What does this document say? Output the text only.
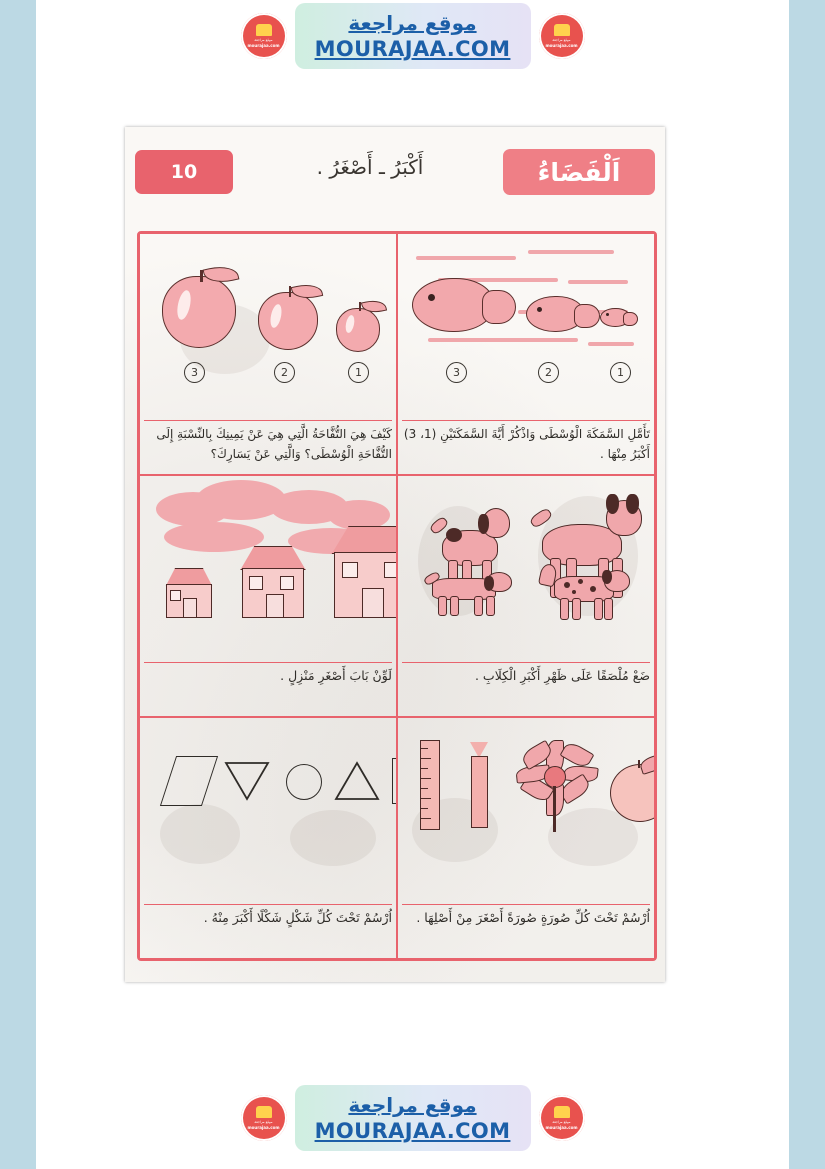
موقع مراجعة
mourajaa.com
موقع مراجعة
MOURAJAA.COM	موقع مراجعة
mourajaa.com
اَلْفَضَاءُ
أَكْبَرُ ـ أَصْغَرُ .
10
3	2	1
تَأَمَّلِ السَّمَكَةَ الْوُسْطَى وَاذْكُرْ أَيَّةَ السَّمَكَتَيْنِ (1، 3) أَكْبَرُ مِنْهَا .
3	2	1
كَيْفَ هِيَ التُّفَّاحَةُ الَّتِي هِيَ عَنْ يَمِينِكَ بِالنِّسْبَةِ إِلَى التُّفَّاحَةِ الْوُسْطَى؟ وَالَّتِي عَنْ يَسَارِكَ؟
ضَعْ مُلْصَقًا عَلَى ظَهْرِ أَكْبَرِ الْكِلَابِ .
لَوِّنْ بَابَ أَصْغَرِ مَنْزِلٍ .
اُرْسُمْ تَحْتَ كُلِّ صُورَةٍ صُورَةً أَصْغَرَ مِنْ أَصْلِهَا .
اُرْسُمْ تَحْتَ كُلِّ شَكْلٍ شَكْلًا أَكْبَرَ مِنْهُ .
موقع مراجعة
mourajaa.com
موقع مراجعة
MOURAJAA.COM	موقع مراجعة
mourajaa.com
